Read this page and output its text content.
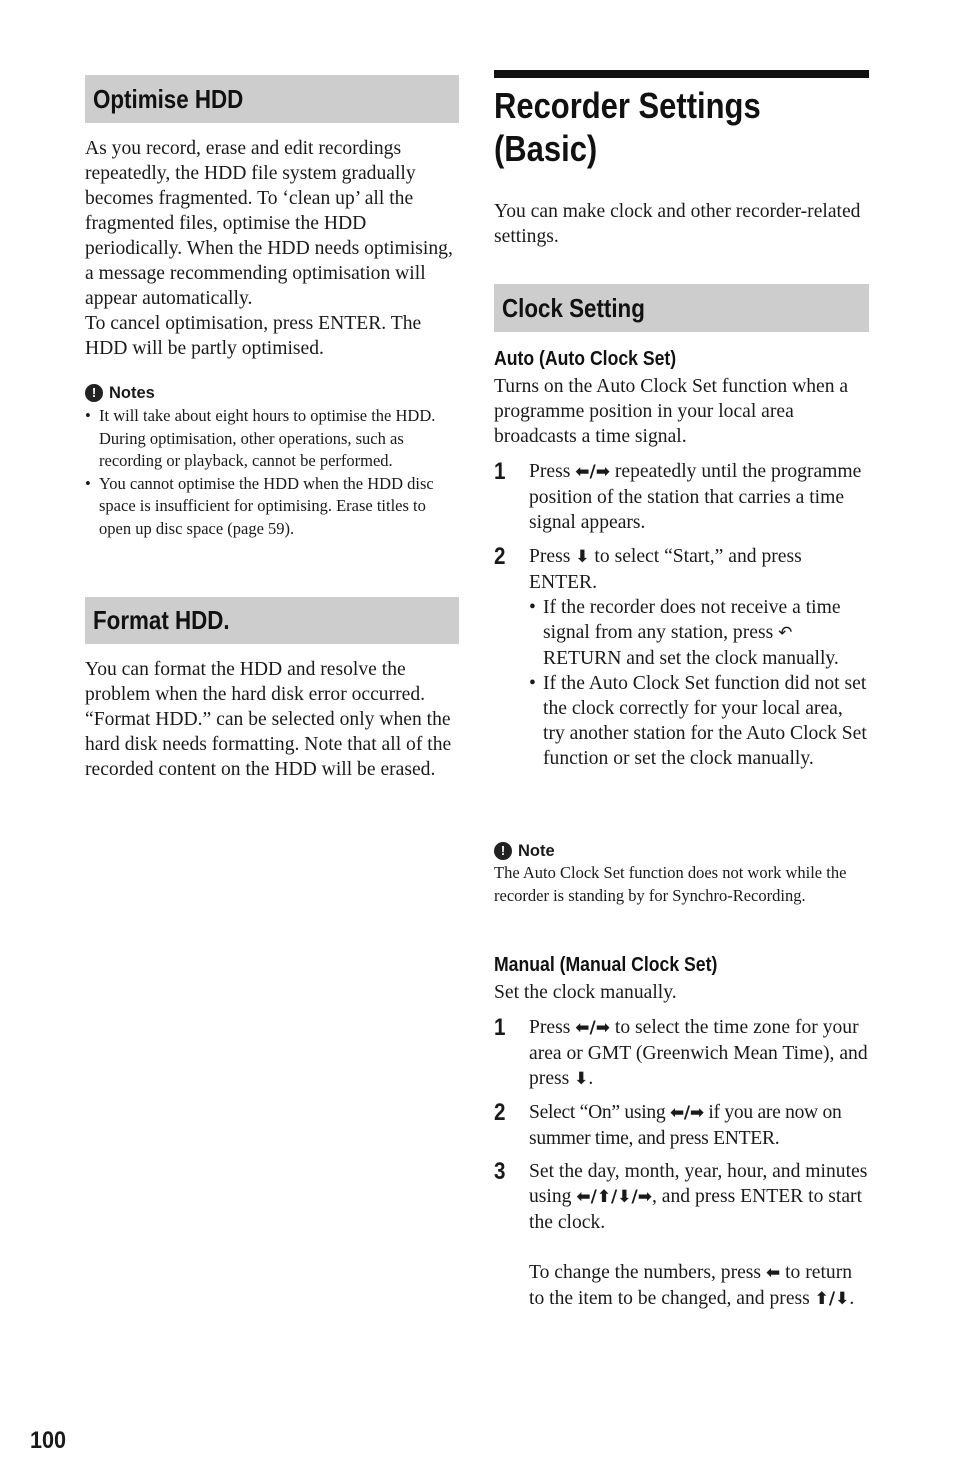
Optimise HDD

As you record, erase and edit recordings repeatedly, the HDD file system gradually becomes fragmented. To ‘clean up’ all the fragmented files, optimise the HDD periodically. When the HDD needs optimising, a message recommending optimisation will appear automatically.
To cancel optimisation, press ENTER. The HDD will be partly optimised.

! Notes
• It will take about eight hours to optimise the HDD. During optimisation, other operations, such as recording or playback, cannot be performed.
• You cannot optimise the HDD when the HDD disc space is insufficient for optimising. Erase titles to open up disc space (page 59).
Format HDD.

You can format the HDD and resolve the problem when the hard disk error occurred. “Format HDD.” can be selected only when the hard disk needs formatting. Note that all of the recorded content on the HDD will be erased.

Recorder Settings
(Basic)

You can make clock and other recorder-related settings.

Clock Setting
Auto (Auto Clock Set)

Turns on the Auto Clock Set function when a programme position in your local area broadcasts a time signal.

1 Press ⬅/➡ repeatedly until the programme position of the station that carries a time signal appears.

2 Press ⬇ to select “Start,” and press ENTER.

• If the recorder does not receive a time signal from any station, press ↶ RETURN and set the clock manually.

• If the Auto Clock Set function did not set the clock correctly for your local area, try another station for the Auto Clock Set function or set the clock manually.

! Note

The Auto Clock Set function does not work while the recorder is standing by for Synchro-Recording.

Manual (Manual Clock Set)

Set the clock manually.

1 Press ⬅/➡ to select the time zone for your area or GMT (Greenwich Mean Time), and press ⬇.

2 Select “On” using ⬅/➡ if you are now on summer time, and press ENTER.

3 Set the day, month, year, hour, and minutes using ⬅/⬆/⬇/➡, and press ENTER to start the clock.

To change the numbers, press ⬅ to return to the item to be changed, and press ⬆/⬇.

100
